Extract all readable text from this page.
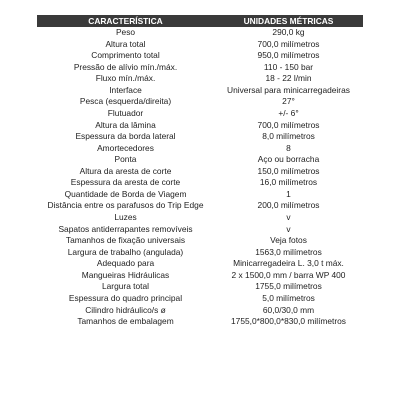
CARACTERÍSTICA	UNIDADES MÉTRICAS
Peso	290,0 kg
Altura total	700,0 milímetros
Comprimento total	950,0 milímetros
Pressão de alívio mín./máx.	110 - 150 bar
Fluxo mín./máx.	18 - 22 l/min
Interface	Universal para minicarregadeiras
Pesca (esquerda/direita)	27°
Flutuador	+/- 6°
Altura da lâmina	700,0 milímetros
Espessura da borda lateral	8,0 milímetros
Amortecedores	8
Ponta	Aço ou borracha
Altura da aresta de corte	150,0 milímetros
Espessura da aresta de corte	16,0 milímetros
Quantidade de Borda de Viagem	1
Distância entre os parafusos do Trip Edge	200,0 milímetros
Luzes	v
Sapatos antiderrapantes removíveis	v
Tamanhos de fixação universais	Veja fotos
Largura de trabalho (angulada)	1563,0 milímetros
Adequado para	Minicarregadeira L. 3,0 t máx.
Mangueiras Hidráulicas	2 x 1500,0 mm / barra WP 400
Largura total	1755,0 milímetros
Espessura do quadro principal	5,0 milímetros
Cilindro hidráulico/s ø	60,0/30,0 mm
Tamanhos de embalagem	1755,0*800,0*830,0 milímetros
